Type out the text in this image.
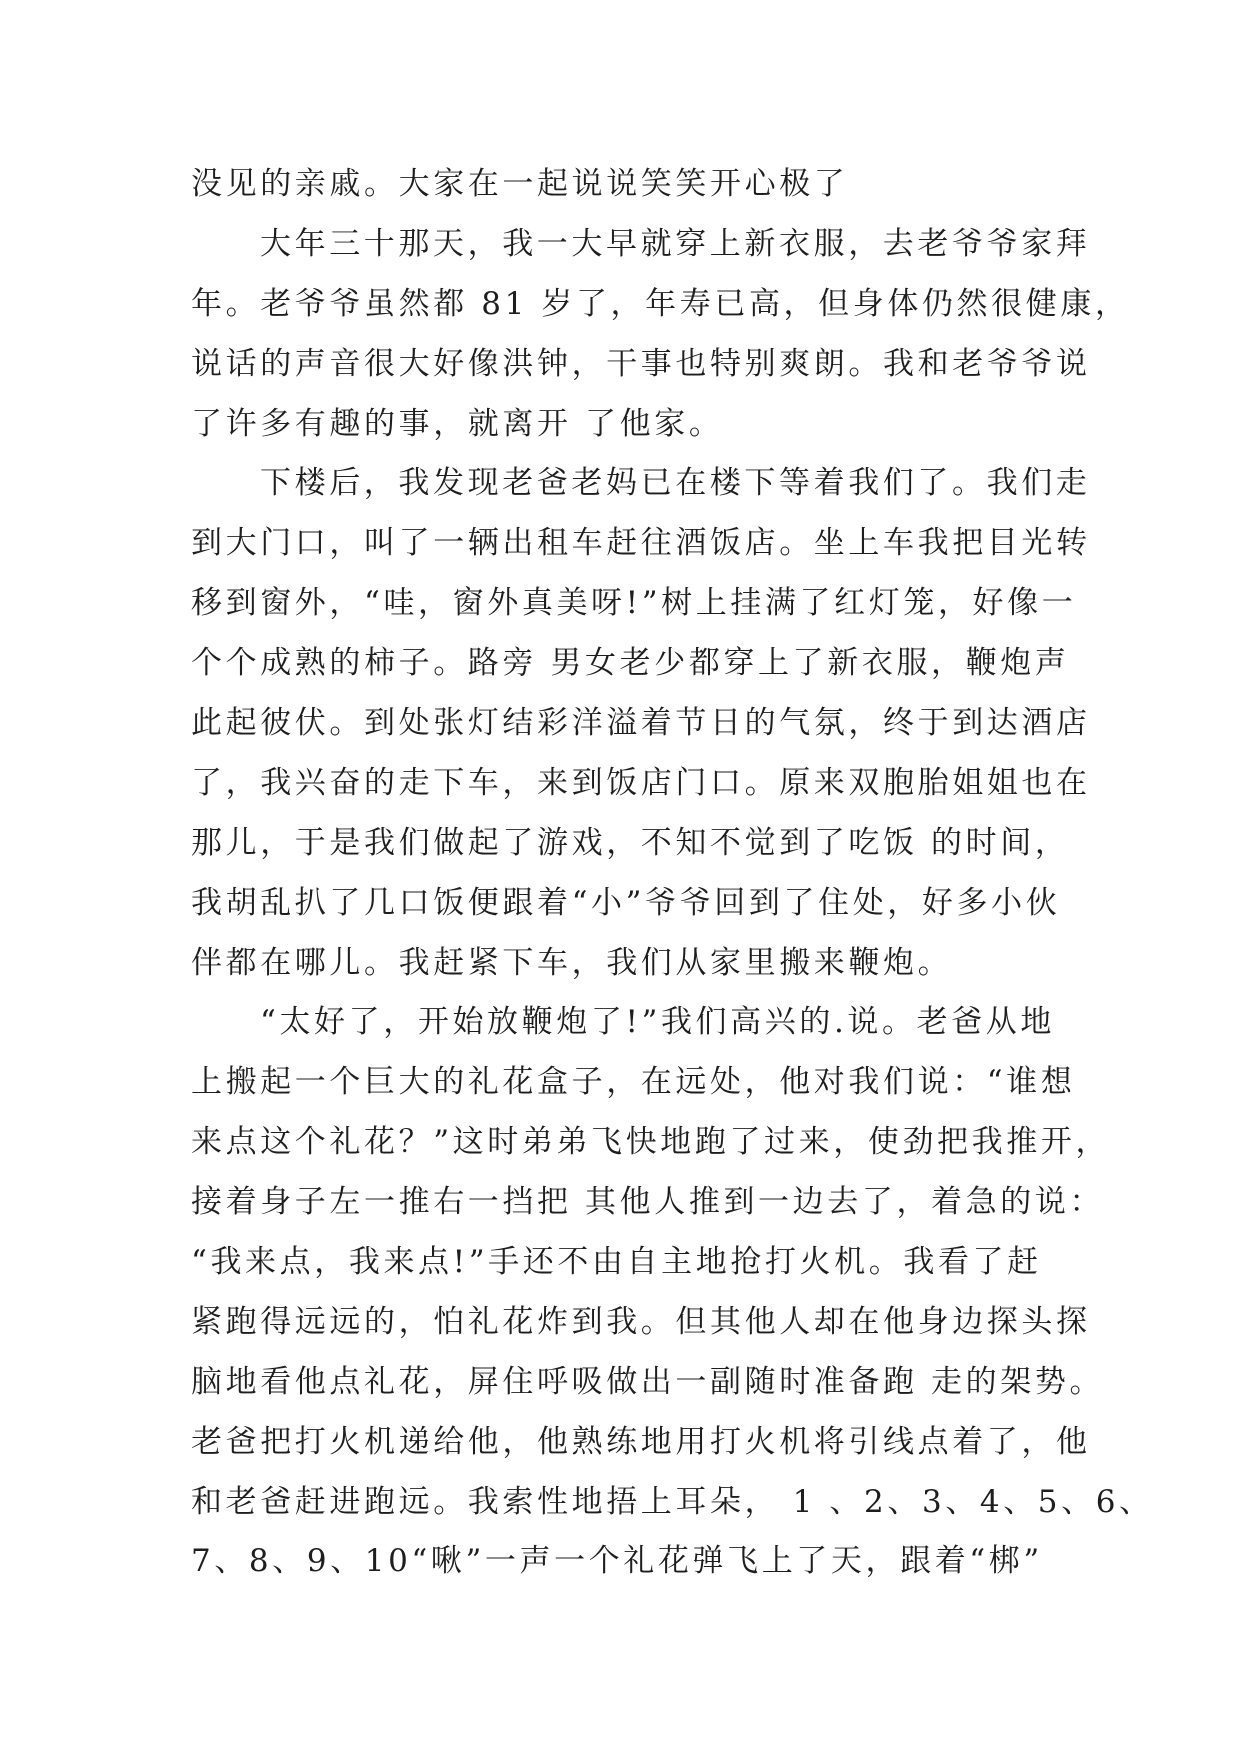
没见的亲戚。大家在一起说说笑笑开心极了
大年三十那天，我一大早就穿上新衣服，去老爷爷家拜
年。老爷爷虽然都 81 岁了，年寿已高，但身体仍然很健康，
说话的声音很大好像洪钟，干事也特别爽朗。我和老爷爷说
了许多有趣的事，就离开 了他家。
下楼后，我发现老爸老妈已在楼下等着我们了。我们走
到大门口，叫了一辆出租车赶往酒饭店。坐上车我把目光转
移到窗外，“哇，窗外真美呀!”树上挂满了红灯笼，好像一
个个成熟的柿子。路旁 男女老少都穿上了新衣服，鞭炮声
此起彼伏。到处张灯结彩洋溢着节日的气氛，终于到达酒店
了，我兴奋的走下车，来到饭店门口。原来双胞胎姐姐也在
那儿，于是我们做起了游戏，不知不觉到了吃饭 的时间，
我胡乱扒了几口饭便跟着“小”爷爷回到了住处，好多小伙
伴都在哪儿。我赶紧下车，我们从家里搬来鞭炮。
“太好了，开始放鞭炮了!”我们高兴的.说。老爸从地
上搬起一个巨大的礼花盒子，在远处，他对我们说：“谁想
来点这个礼花？”这时弟弟飞快地跑了过来，使劲把我推开，
接着身子左一推右一挡把 其他人推到一边去了，着急的说：
“我来点，我来点!”手还不由自主地抢打火机。我看了赶
紧跑得远远的，怕礼花炸到我。但其他人却在他身边探头探
脑地看他点礼花，屏住呼吸做出一副随时准备跑 走的架势。
老爸把打火机递给他，他熟练地用打火机将引线点着了，他
和老爸赶进跑远。我索性地捂上耳朵， 1 、2、3、4、5、6、
7、8、9、10“啾”一声一个礼花弹飞上了天，跟着“梆”
